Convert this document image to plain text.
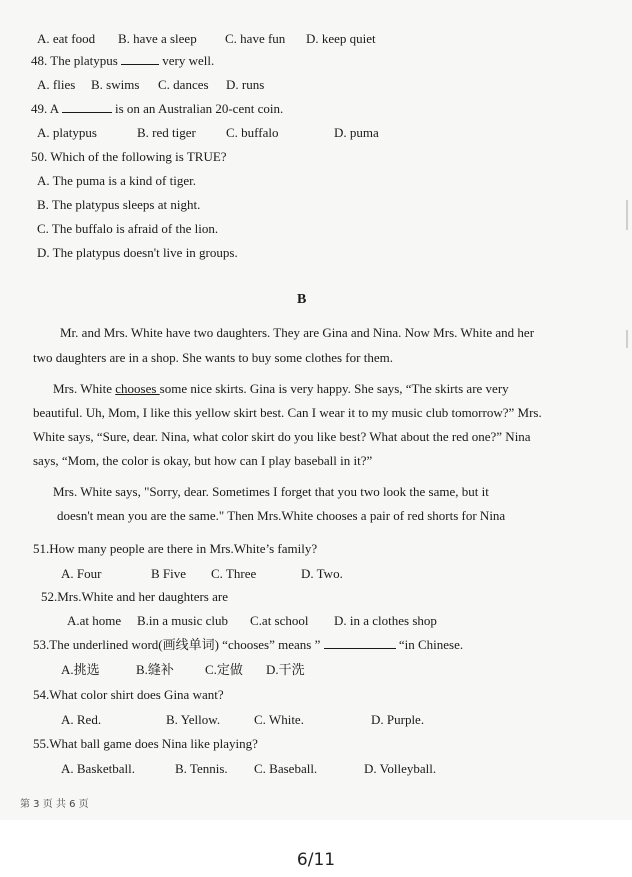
A. eat food B. have a sleep C. have fun D. keep quiet
48. The platypus	very well.
A. flies B. swims C. dances D. runs
49. A	is on an Australian 20-cent coin.
A. platypus	B. red tiger C. buffalo	D. puma
50. Which of the following is TRUE?
A. The puma is a kind of tiger.
B. The platypus sleeps at night.
C. The buffalo is afraid of the lion.
D. The platypus doesn't live in groups.
B
Mr. and Mrs. White have two daughters. They are Gina and Nina. Now Mrs. White and her
two daughters are in a shop. She wants to buy some clothes for them.
Mrs. White chooses some nice skirts. Gina is very happy. She says, “The skirts are very
beautiful. Uh, Mom, I like this yellow skirt best. Can I wear it to my music club tomorrow?” Mrs.
White says, “Sure, dear. Nina, what color skirt do you like best? What about the red one?” Nina
says, “Mom, the color is okay, but how can I play baseball in it?”
Mrs. White says, "Sorry, dear. Sometimes I forget that you two look the same, but it
doesn't mean you are the same." Then Mrs.White chooses a pair of red shorts for Nina
51.How many people are there in Mrs.White’s family?
A. Four	B Five C. Three	D. Two.
52.Mrs.White and her daughters are
A.at home B.in a music club C.at school D. in a clothes shop
53.The underlined word(画线单词) “chooses” means ”	“in Chinese.
A.挑选	B.缝补 C.定做 D.干洗
54.What color shirt does Gina want?
A. Red.	B. Yellow.	C. White.	D. Purple.
55.What ball game does Nina like playing?
A. Basketball.	B. Tennis. C. Baseball.	D. Volleyball.
第 3 页 共 6 页
6/11
